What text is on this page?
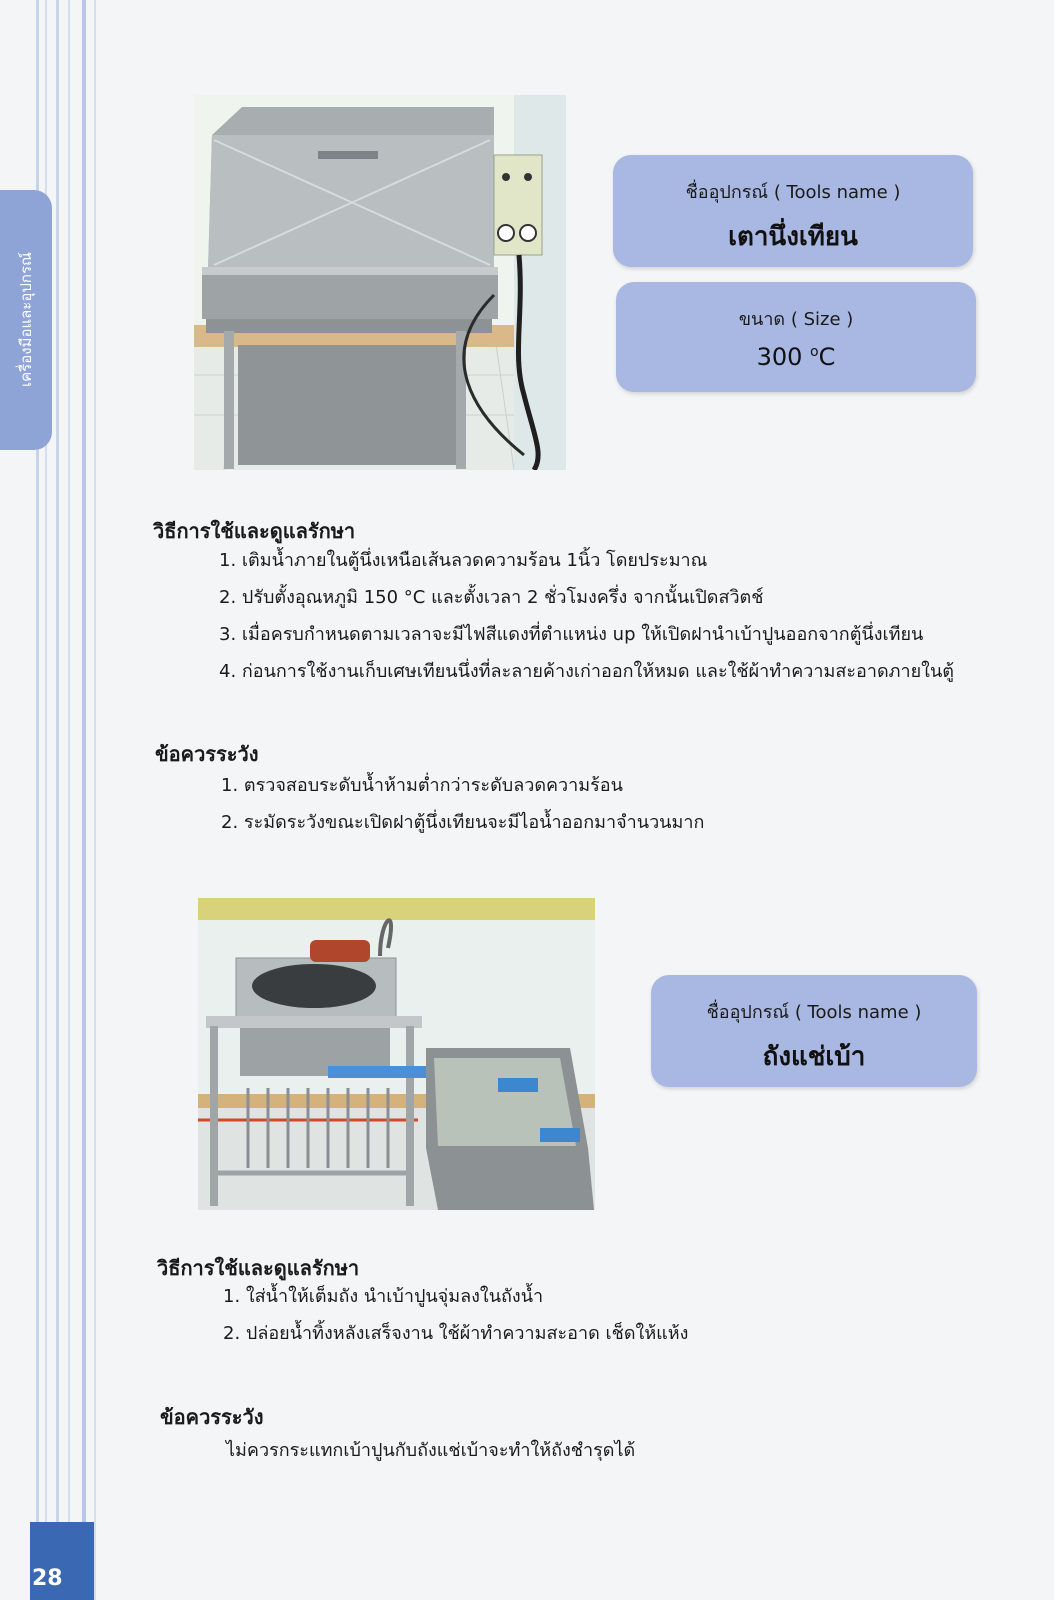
เครื่องมือและอุปกรณ์
ชื่ออุปกรณ์ ( Tools name )
เตานึ่งเทียน
ขนาด ( Size )
300 $^o$C
วิธีการใช้และดูแลรักษา
1. เติมน้ำภายในตู้นึ่งเหนือเส้นลวดความร้อน 1นิ้ว โดยประมาณ
2. ปรับตั้งอุณหภูมิ 150 °C และตั้งเวลา 2 ชั่วโมงครึ่ง จากนั้นเปิดสวิตช์
3. เมื่อครบกำหนดตามเวลาจะมีไฟสีแดงที่ตำแหน่ง up ให้เปิดฝานำเบ้าปูนออกจากตู้นึ่งเทียน
4. ก่อนการใช้งานเก็บเศษเทียนนึ่งที่ละลายค้างเก่าออกให้หมด และใช้ผ้าทำความสะอาดภายในตู้
ข้อควรระวัง
1. ตรวจสอบระดับน้ำห้ามต่ำกว่าระดับลวดความร้อน
2. ระมัดระวังขณะเปิดฝาตู้นึ่งเทียนจะมีไอน้ำออกมาจำนวนมาก
ชื่ออุปกรณ์ ( Tools name )
ถังแช่เบ้า
วิธีการใช้และดูแลรักษา
1. ใส่น้ำให้เต็มถัง นำเบ้าปูนจุ่มลงในถังน้ำ
2. ปล่อยน้ำทิ้งหลังเสร็จงาน ใช้ผ้าทำความสะอาด เช็ดให้แห้ง
ข้อควรระวัง
ไม่ควรกระแทกเบ้าปูนกับถังแช่เบ้าจะทำให้ถังชำรุดได้
28
